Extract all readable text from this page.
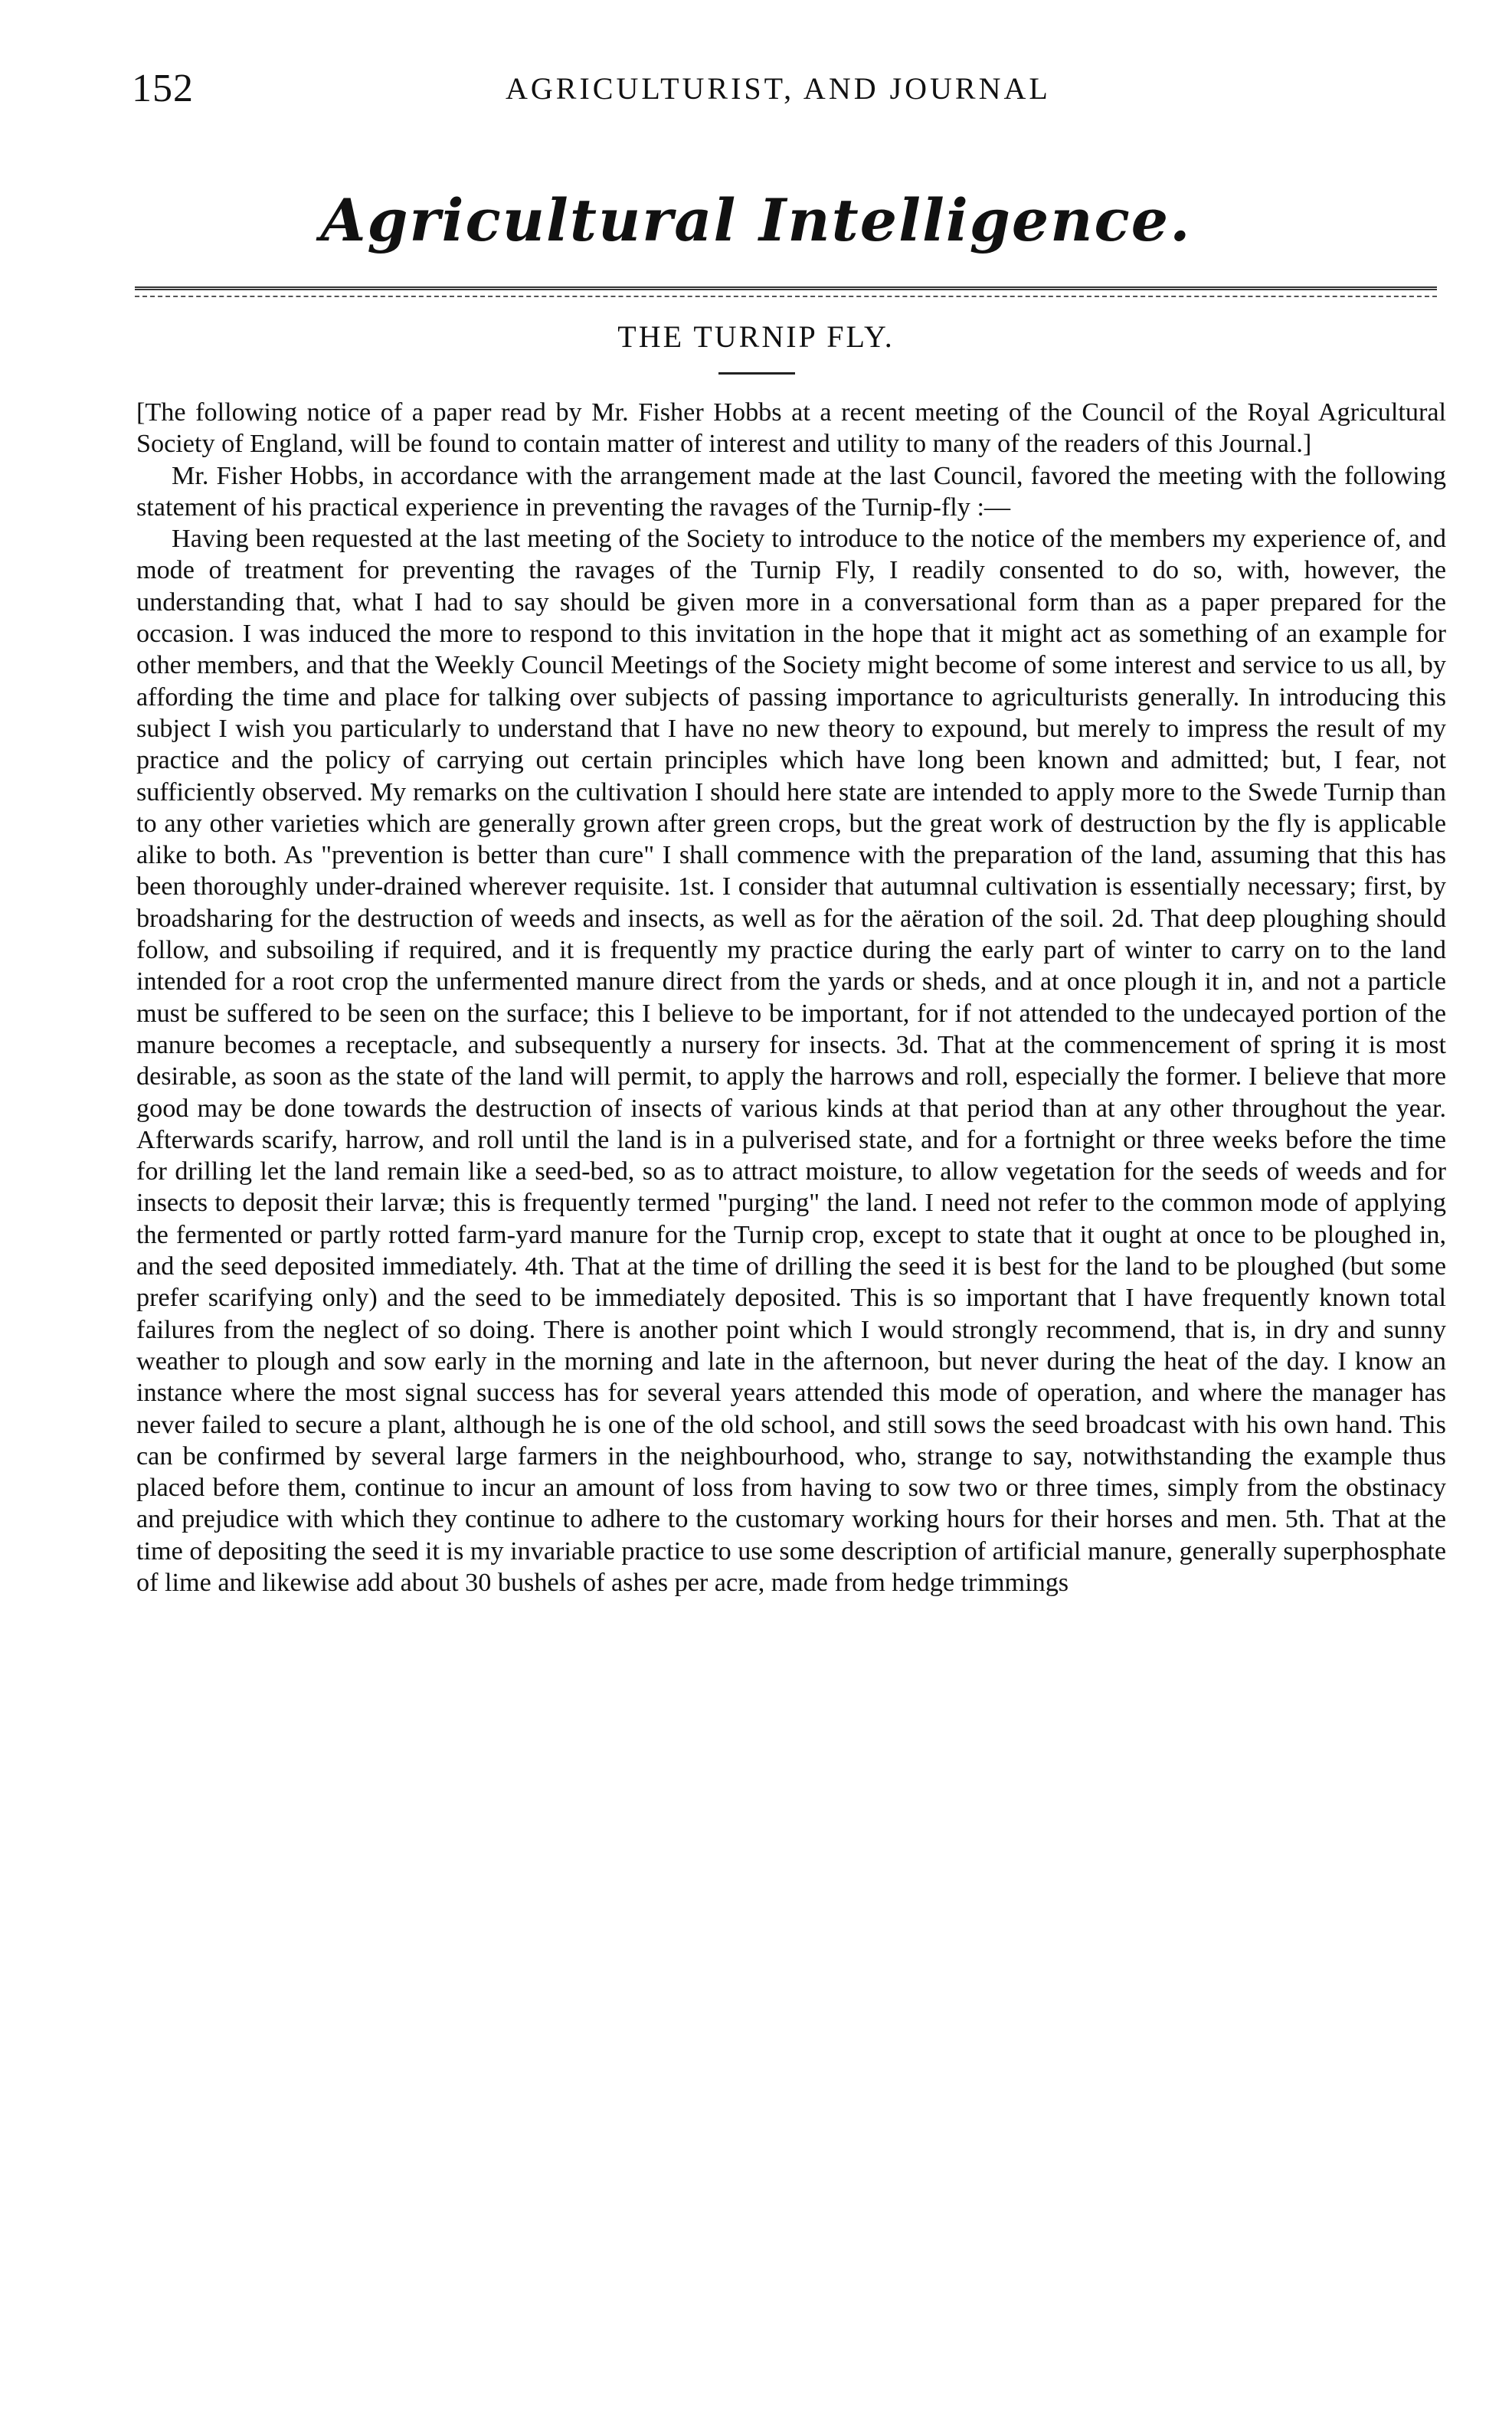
152	AGRICULTURIST, AND JOURNAL
Agricultural Intelligence.
THE TURNIP FLY.

[The following notice of a paper read by Mr. Fisher Hobbs at a recent meeting of the Council of the Royal Agricultural Society of England, will be found to contain matter of interest and utility to many of the readers of this Journal.]

Mr. Fisher Hobbs, in accordance with the arrangement made at the last Council, favored the meeting with the following statement of his practical experience in preventing the ravages of the Turnip-fly :—

Having been requested at the last meeting of the Society to introduce to the notice of the members my experience of, and mode of treatment for preventing the ravages of the Turnip Fly, I readily consented to do so, with, however, the understanding that, what I had to say should be given more in a conversational form than as a paper prepared for the occasion. I was induced the more to respond to this invitation in the hope that it might act as something of an example for other members, and that the Weekly Council Meetings of the Society might become of some interest and service to us all, by affording the time and place for talking over subjects of passing importance to agriculturists generally. In introducing this subject I wish you particularly to understand that I have no new theory to expound, but merely to impress the result of my practice and the policy of carrying out certain principles which have long been known and admitted; but, I fear, not sufficiently observed. My remarks on the cultivation I should here state are intended to apply more to the Swede Turnip than to any other varieties which are generally grown after green crops, but the great work of destruction by the fly is applicable alike to both. As "prevention is better than cure" I shall commence with the preparation of the land, assuming that this has been thoroughly under-drained wherever requisite. 1st. I consider that autumnal cultivation is essentially necessary; first, by broadsharing for the destruction of weeds and insects, as well as for the aëration of the soil. 2d. That deep ploughing should follow, and subsoiling if required, and it is frequently my practice during the early part of winter to carry on to the land intended for a root crop the unfermented manure direct from the yards or sheds, and at once plough it in, and not a particle must be suffered to be seen on the surface; this I believe to be important, for if not attended to the undecayed portion of the manure becomes a receptacle, and subsequently a nursery for insects. 3d. That at the commencement of spring it is most desirable, as soon as the state of the land will permit, to apply the harrows and roll, especially the former. I believe that more good may be done towards the destruction of insects of various kinds at that period than at any other throughout the year. Afterwards scarify, harrow, and roll until the land is in a pulverised state, and for a fortnight or three weeks before the time for drilling let the land remain like a seed-bed, so as to attract moisture, to allow vegetation for the seeds of weeds and for insects to deposit their larvæ; this is frequently termed "purging" the land. I need not refer to the common mode of applying the fermented or partly rotted farm-yard manure for the Turnip crop, except to state that it ought at once to be ploughed in, and the seed deposited immediately. 4th. That at the time of drilling the seed it is best for the land to be ploughed (but some prefer scarifying only) and the seed to be immediately deposited. This is so important that I have frequently known total failures from the neglect of so doing. There is another point which I would strongly recommend, that is, in dry and sunny weather to plough and sow early in the morning and late in the afternoon, but never during the heat of the day. I know an instance where the most signal success has for several years attended this mode of operation, and where the manager has never failed to secure a plant, although he is one of the old school, and still sows the seed broadcast with his own hand. This can be confirmed by several large farmers in the neighbourhood, who, strange to say, notwithstanding the example thus placed before them, continue to incur an amount of loss from having to sow two or three times, simply from the obstinacy and prejudice with which they continue to adhere to the customary working hours for their horses and men. 5th. That at the time of depositing the seed it is my invariable practice to use some description of artificial manure, generally superphosphate of lime and likewise add about 30 bushels of ashes per acre, made from hedge trimmings
